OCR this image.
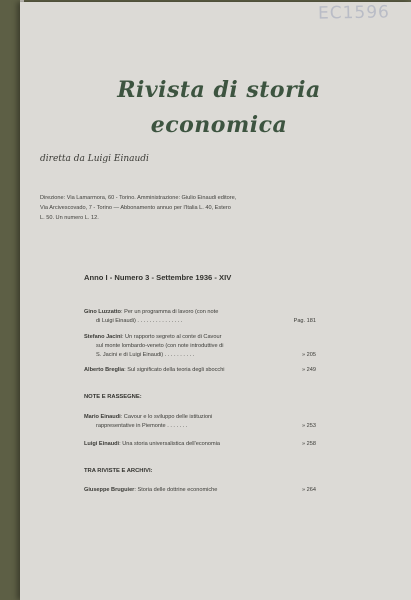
EC1596
Rivista di storia
economica
diretta da Luigi Einaudi
Direzione: Via Lamarmora, 60 - Torino. Amministrazione: Giulio Einaudi editore,
Via Arcivescovado, 7 - Torino — Abbonamento annuo per l'Italia L. 40, Estero
L. 50. Un numero L. 12.
Anno I - Numero 3 - Settembre 1936 - XIV
Gino Luzzatto: Per un programma di lavoro (con note
di Luigi Einaudi) . . . . . . . . . . . . . . .	Pag. 181
Stefano Jacini: Un rapporto segreto al conte di Cavour
sul monte lombardo-veneto (con note introduttive di
S. Jacini e di Luigi Einaudi) . . . . . . . . . .	» 205
Alberto Breglia: Sul significato della teoria degli sbocchi	» 249
NOTE E RASSEGNE:
Mario Einaudi: Cavour e lo sviluppo delle istituzioni
rappresentative in Piemonte . . . . . . .	» 253
Luigi Einaudi: Una storia universalistica dell'economia	» 258
TRA RIVISTE E ARCHIVI:
Giuseppe Bruguier: Storia delle dottrine economiche	» 264
